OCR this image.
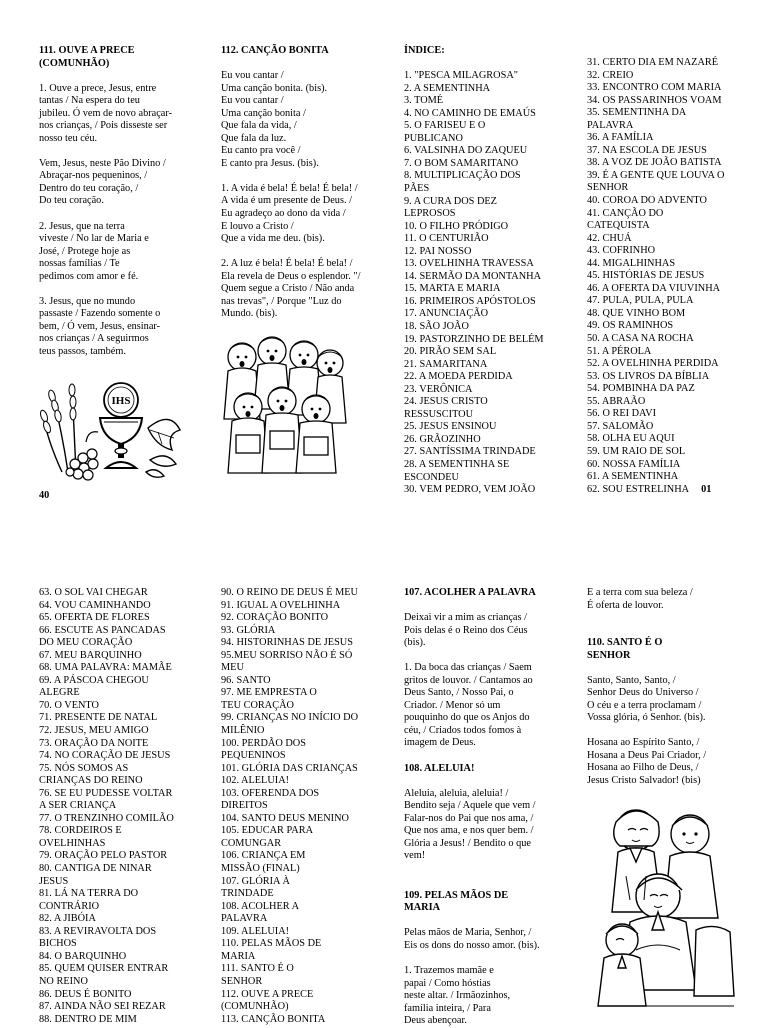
111. OUVE A PRECE
(COMUNHÃO)

1. Ouve a prece, Jesus, entre
tantas / Na espera do teu
jubileu. Ó vem de novo abraçar-
nos crianças, / Pois disseste ser
nosso teu céu.

Vem, Jesus, neste Pão Divino /
Abraçar-nos pequeninos, /
Dentro do teu coração, /
Do teu coração.

2. Jesus, que na terra
viveste / No lar de Maria e
José, / Protege hoje as
nossas famílias / Te
pedimos com amor e fé.

3. Jesus, que no mundo
passaste / Fazendo somente o
bem, / Ó vem, Jesus, ensinar-
nos crianças / A seguirmos
teus passos, também.

IHS
40

112. CANÇÃO BONITA

Eu vou cantar /
Uma canção bonita. (bis).
Eu vou cantar /
Uma canção bonita /
Que fala da vida, /
Que fala da luz.
Eu canto pra você /
E canto pra Jesus. (bis).

1. A vida é bela! É bela! É bela! /
A vida é um presente de Deus. /
Eu agradeço ao dono da vida /
E louvo a Cristo /
Que a vida me deu. (bis).

2. A luz é bela! É bela! É bela! /
Ela revela de Deus o esplendor. "/
Quem segue a Cristo / Não anda
nas trevas", / Porque "Luz do
Mundo. (bis).

ÍNDICE:

1. "PESCA MILAGROSA"
2. A SEMENTINHA
3. TOMÉ
4. NO CAMINHO DE EMAÚS
5. O FARISEU E O
PUBLICANO
6. VALSINHA DO ZAQUEU
7. O BOM SAMARITANO
8. MULTIPLICAÇÃO DOS
PÃES
9. A CURA DOS DEZ
LEPROSOS
10. O FILHO PRÓDIGO
11. O CENTURIÃO
12. PAI NOSSO
13. OVELHINHA TRAVESSA
14. SERMÃO DA MONTANHA
15. MARTA E MARIA
16. PRIMEIROS APÓSTOLOS
17. ANUNCIAÇÃO
18. SÃO JOÃO
19. PASTORZINHO DE BELÉM
20. PIRÃO SEM SAL
21. SAMARITANA
22. A MOEDA PERDIDA
23. VERÔNICA
24. JESUS CRISTO
RESSUSCITOU
25. JESUS ENSINOU
26. GRÃOZINHO
27. SANTÍSSIMA TRINDADE
28. A SEMENTINHA SE
ESCONDEU
30. VEM PEDRO, VEM JOÃO
31. CERTO DIA EM NAZARÉ
32. CREIO
33. ENCONTRO COM MARIA
34. OS PASSARINHOS VOAM
35. SEMENTINHA DA
PALAVRA
36. A FAMÍLIA
37. NA ESCOLA DE JESUS
38. A VOZ DE JOÃO BATISTA
39. É A GENTE QUE LOUVA O
SENHOR
40. COROA DO ADVENTO
41. CANÇÃO DO
CATEQUISTA
42. CHUÁ
43. COFRINHO
44. MIGALHINHAS
45. HISTÓRIAS DE JESUS
46. A OFERTA DA VIUVINHA
47. PULA, PULA, PULA
48. QUE VINHO BOM
49. OS RAMINHOS
50. A CASA NA ROCHA
51. A PÉROLA
52. A OVELHINHA PERDIDA
53. OS LIVROS DA BÍBLIA
54. POMBINHA DA PAZ
55. ABRAÃO
56. O REI DAVI
57. SALOMÃO
58. OLHA EU AQUI
59. UM RAIO DE SOL
60. NOSSA FAMÍLIA
61. A SEMENTINHA
62. SOU ESTRELINHA 01
63. O SOL VAI CHEGAR
64. VOU CAMINHANDO
65. OFERTA DE FLORES
66. ESCUTE AS PANCADAS
DO MEU CORAÇÃO
67. MEU BARQUINHO
68. UMA PALAVRA: MAMÃE
69. A PÁSCOA CHEGOU
ALEGRE
70. O VENTO
71. PRESENTE DE NATAL
72. JESUS, MEU AMIGO
73. ORAÇÃO DA NOITE
74. NO CORAÇÃO DE JESUS
75. NÓS SOMOS AS
CRIANÇAS DO REINO
76. SE EU PUDESSE VOLTAR
A SER CRIANÇA
77. O TRENZINHO COMILÃO
78. CORDEIROS E
OVELHINHAS
79. ORAÇÃO PELO PASTOR
80. CANTIGA DE NINAR
JESUS
81. LÁ NA TERRA DO
CONTRÁRIO
82. A JIBÓIA
83. A REVIRAVOLTA DOS
BICHOS
84. O BARQUINHO
85. QUEM QUISER ENTRAR
NO REINO
86. DEUS É BONITO
87. AINDA NÃO SEI REZAR
88. DENTRO DE MIM
90. O REINO DE DEUS É MEU
91. IGUAL A OVELHINHA
92. CORAÇÃO BONITO
93. GLÓRIA
94. HISTORINHAS DE JESUS
95.MEU SORRISO NÃO É SÓ
MEU
96. SANTO
97. ME EMPRESTA O
TEU CORAÇÃO
99. CRIANÇAS NO INÍCIO DO
MILÊNIO
100. PERDÃO DOS
PEQUENINOS
101. GLÓRIA DAS CRIANÇAS
102. ALELUIA!
103. OFERENDA DOS
DIREITOS
104. SANTO DEUS MENINO
105. EDUCAR PARA
COMUNGAR
106. CRIANÇA EM
MISSÃO (FINAL)
107. GLÓRIA À
TRINDADE
108. ACOLHER A
PALAVRA
109. ALELUIA!
110. PELAS MÃOS DE
MARIA
111. SANTO É O
SENHOR
112. OUVE A PRECE
(COMUNHÃO)
113. CANÇÃO BONITA

107. ACOLHER A PALAVRA

Deixai vir a mim as crianças /
Pois delas é o Reino dos Céus
(bis).

1. Da boca das crianças / Saem
gritos de louvor. / Cantamos ao
Deus Santo, / Nosso Pai, o
Criador. / Menor só um
pouquinho do que os Anjos do
céu, / Criados todos fomos à
imagem de Deus.

108. ALELUIA!

Aleluia, aleluia, aleluia! /
Bendito seja / Aquele que vem /
Falar-nos do Pai que nos ama, /
Que nos ama, e nos quer bem. /
Glória a Jesus! / Bendito o que
vem!

109. PELAS MÃOS DE
MARIA

Pelas mãos de Maria, Senhor, /
Eis os dons do nosso amor. (bis).

1. Trazemos mamãe e
papai / Como hóstias
neste altar. / Irmãozinhos,
família inteira, / Para
Deus abençoar.

E a terra com sua beleza /
É oferta de louvor.

110. SANTO É O
SENHOR

Santo, Santo, Santo, /
Senhor Deus do Universo /
O céu e a terra proclamam /
Vossa glória, ó Senhor. (bis).

Hosana ao Espírito Santo, /
Hosana a Deus Pai Criador, /
Hosana ao Filho de Deus, /
Jesus Cristo Salvador! (bis)
